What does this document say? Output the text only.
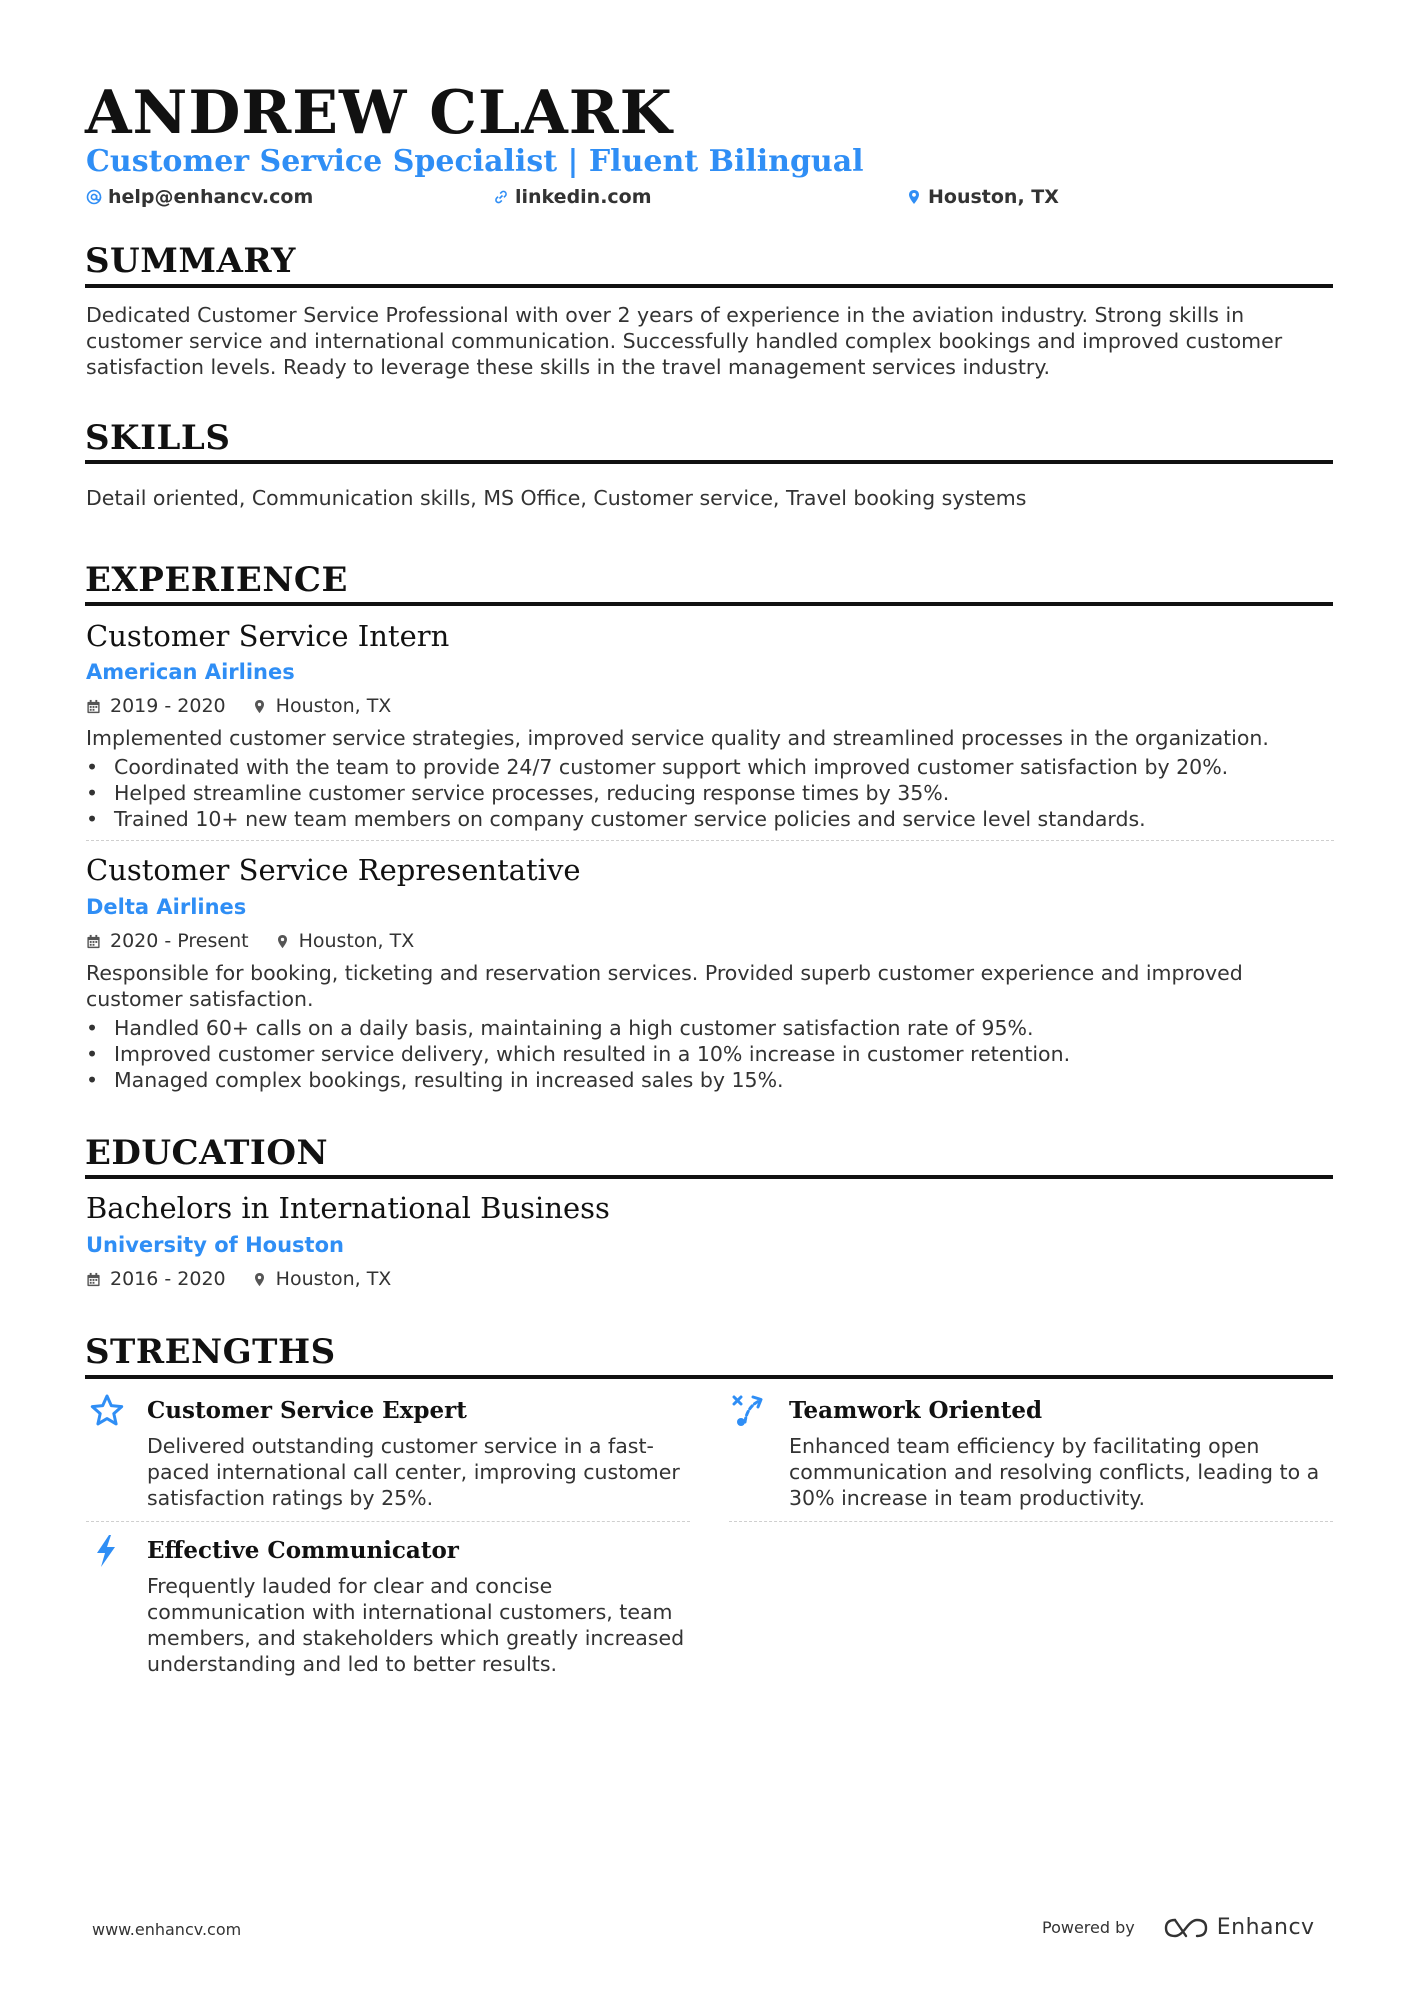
ANDREW CLARK
Customer Service Specialist | Fluent Bilingual
help@enhancv.com	linkedin.com	Houston, TX
SUMMARY
Dedicated Customer Service Professional with over 2 years of experience in the aviation industry. Strong skills in customer service and international communication. Successfully handled complex bookings and improved customer satisfaction levels. Ready to leverage these skills in the travel management services industry.
SKILLS
Detail oriented, Communication skills, MS Office, Customer service, Travel booking systems
EXPERIENCE
Customer Service Intern
American Airlines
2019 - 2020	Houston, TX
Implemented customer service strategies, improved service quality and streamlined processes in the organization.
• Coordinated with the team to provide 24/7 customer support which improved customer satisfaction by 20%.
• Helped streamline customer service processes, reducing response times by 35%.
• Trained 10+ new team members on company customer service policies and service level standards.
Customer Service Representative
Delta Airlines
2020 - Present	Houston, TX
Responsible for booking, ticketing and reservation services. Provided superb customer experience and improved customer satisfaction.
• Handled 60+ calls on a daily basis, maintaining a high customer satisfaction rate of 95%.
• Improved customer service delivery, which resulted in a 10% increase in customer retention.
• Managed complex bookings, resulting in increased sales by 15%.
EDUCATION
Bachelors in International Business
University of Houston
2016 - 2020	Houston, TX
STRENGTHS
Customer Service Expert
Delivered outstanding customer service in a fast-paced international call center, improving customer satisfaction ratings by 25%.
Teamwork Oriented
Enhanced team efficiency by facilitating open communication and resolving conflicts, leading to a 30% increase in team productivity.
Effective Communicator
Frequently lauded for clear and concise communication with international customers, team members, and stakeholders which greatly increased understanding and led to better results.
www.enhancv.com	Powered by	Enhancv
